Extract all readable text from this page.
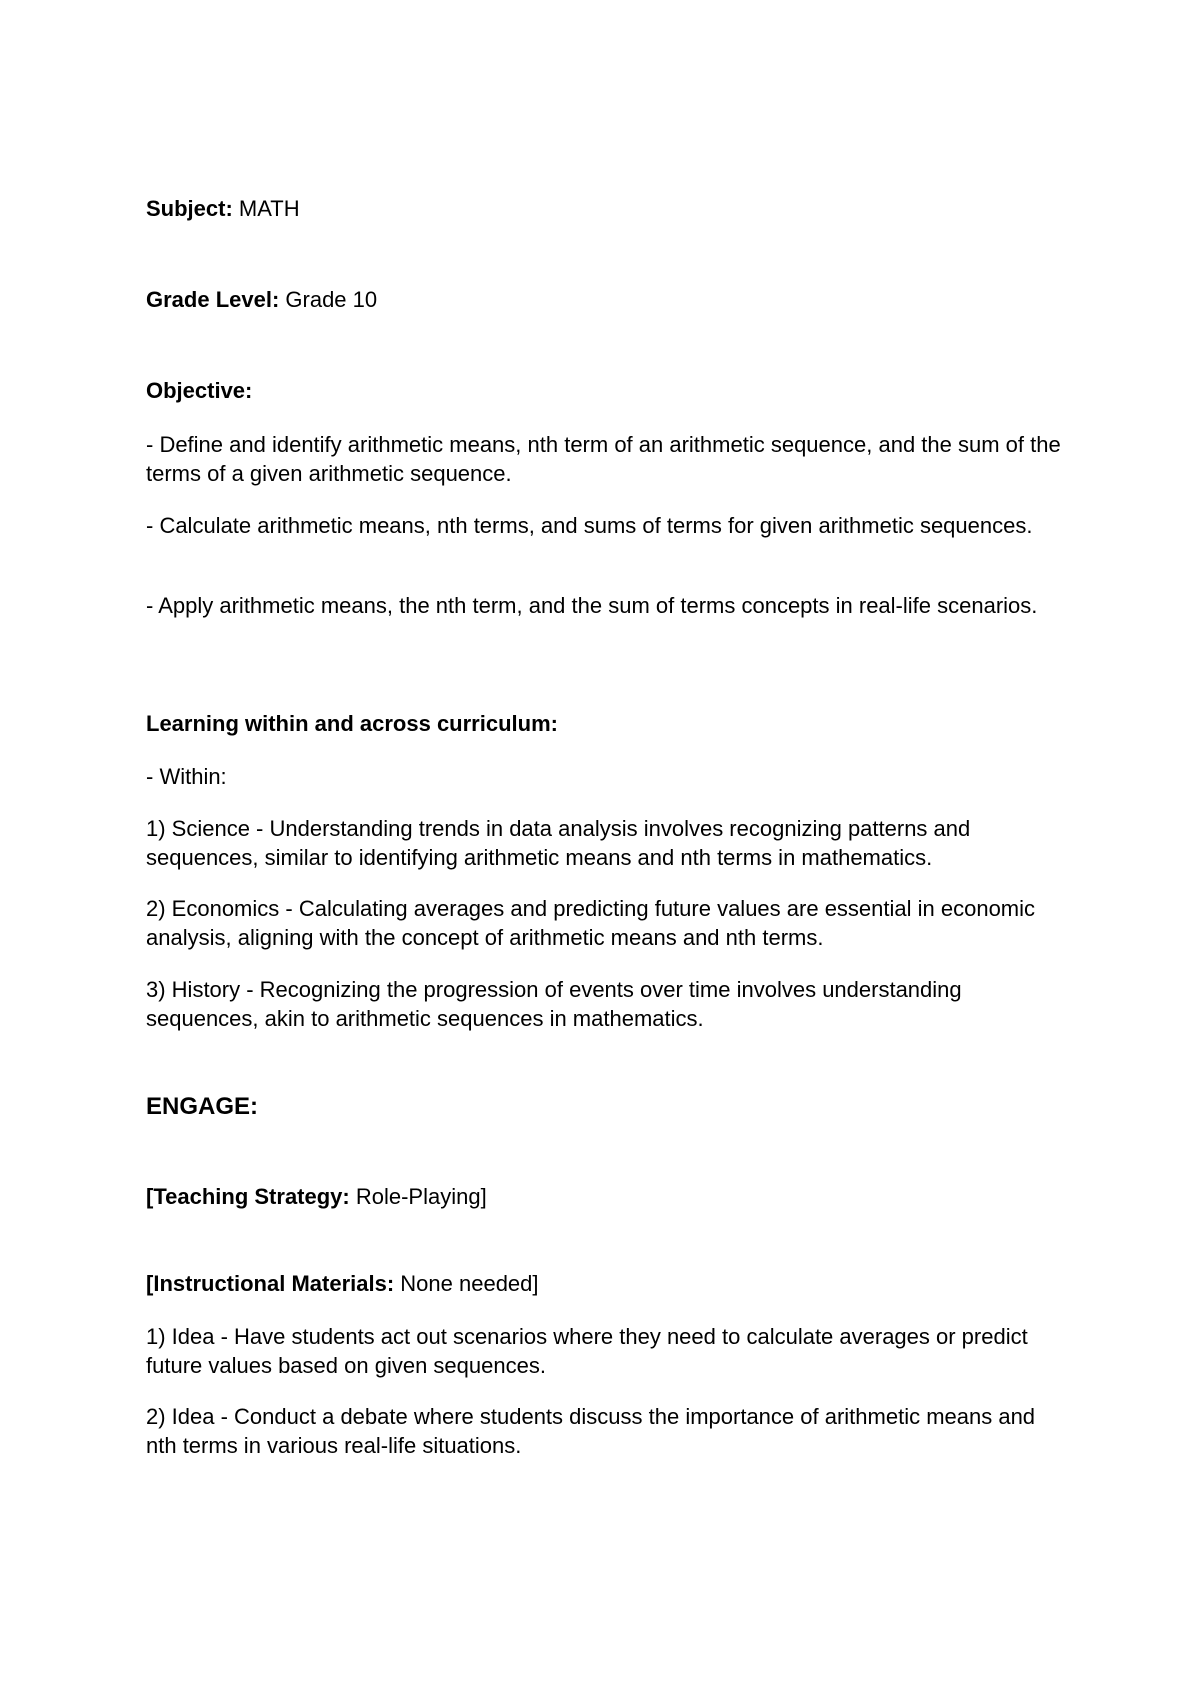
Subject: MATH

Grade Level: Grade 10

Objective:

- Define and identify arithmetic means, nth term of an arithmetic sequence, and the sum of the terms of a given arithmetic sequence.

- Calculate arithmetic means, nth terms, and sums of terms for given arithmetic sequences.

- Apply arithmetic means, the nth term, and the sum of terms concepts in real-life scenarios.

Learning within and across curriculum:

- Within:

1) Science - Understanding trends in data analysis involves recognizing patterns and sequences, similar to identifying arithmetic means and nth terms in mathematics.

2) Economics - Calculating averages and predicting future values are essential in economic analysis, aligning with the concept of arithmetic means and nth terms.

3) History - Recognizing the progression of events over time involves understanding sequences, akin to arithmetic sequences in mathematics.

ENGAGE:

[Teaching Strategy: Role-Playing]

[Instructional Materials: None needed]

1) Idea - Have students act out scenarios where they need to calculate averages or predict future values based on given sequences.

2) Idea - Conduct a debate where students discuss the importance of arithmetic means and nth terms in various real-life situations.
